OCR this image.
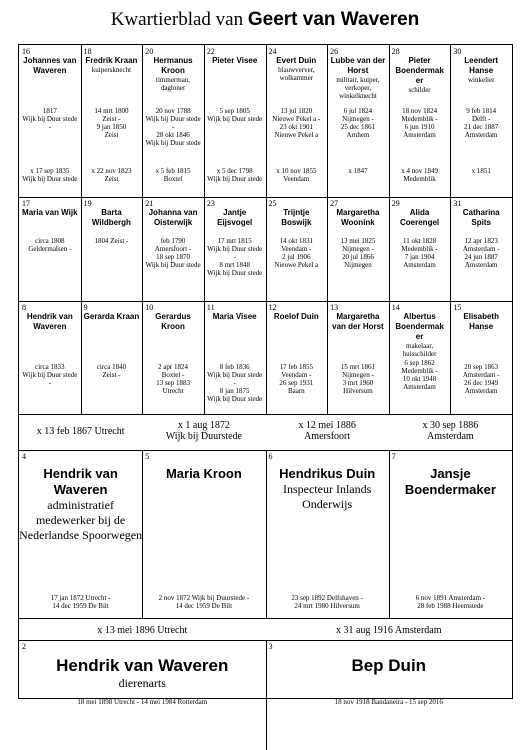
Kwartierblad van Geert van Waveren
16
Johannes van Waveren
1817
Wijk bij Duur stede -
x 17 sep 1835
Wijk bij Duur stede
18
Fredrik Kraan
kuipersknecht
14 mrt 1800
Zeist -
9 jan 1850
Zeist
x 22 nov 1823
Zeist
20
Hermanus Kroon
timmerman, dagloner
20 nov 1788
Wijk bij Duur stede -
28 okt 1846
Wijk bij Duur stede
x 5 feb 1815
Boxtel
22
Pieter Visee
5 sep 1805
Wijk bij Duur stede
x 5 dec 1798
Wijk bij Duur stede
24
Evert Duin
blauwverver, wolkammer
13 jul 1820
Nieuwe Pekel a -
23 okt 1901
Nieuwe Pekel a
x 10 nov 1855
Veendam
26
Lubbe van der Horst
militair, kuiper, verkoper, winkelknecht
6 jul 1824
Nijmegen -
25 dec 1861
Arnhem
x 1847
28
Pieter Boendermak er
schilder
18 nov 1824
Medemblik -
6 jun 1910
Amsterdam
x 4 nov 1849
Medemblik
30
Leendert Hanse
winkelier
9 feb 1814
Delft -
21 dec 1887
Amsterdam
x 1851
17
Maria van Wijk
circa 1808
Geldermalsen -
19
Barta Wildbergh
1804 Zeist -
21
Johanna van Oisterwijk
feb 1790
Amersfoort -
18 sep 1870
Wijk bij Duur stede
23
Jantje Eijsvogel
17 mrt 1815
Wijk bij Duur stede -
8 mrt 1848
Wijk bij Duur stede
25
Trijntje Boswijk
14 okt 1831
Veendam -
2 jul 1906
Nieuwe Pekel a
27
Margaretha Woonink
13 mei 1825
Nijmegen -
20 jul 1866
Nijmegen
29
Alida Coerengel
11 okt 1828
Medemblik -
7 jan 1904
Amsterdam
31
Catharina Spits
12 apr 1823
Amsterdam -
24 jun 1887
Amsterdam
8
Hendrik van Waveren
circa 1833
Wijk bij Duur stede -
9
Gerarda Kraan
circa 1840
Zeist -
10
Gerardus Kroon
2 apr 1824
Boxtel -
13 sep 1883
Utrecht
11
Maria Visee
8 feb 1836
Wijk bij Duur stede -
8 jan 1875
Wijk bij Duur stede
12
Roelof Duin
17 feb 1855
Veendam -
26 sep 1931
Baarn
13
Margaretha van der Horst
15 mrt 1861
Nijmegen -
3 mrt 1960
Hilversum
14
Albertus Boendermak er
makelaar, huisschilder
6 sep 1862
Medemblik -
10 okt 1948
Amsterdam
15
Elisabeth Hanse
20 sep 1863
Amsterdam -
26 dec 1949
Amsterdam
x 13 feb 1867 Utrecht
x 1 aug 1872
Wijk bij Duurstede
x 12 mei 1886
Amersfoort
x 30 sep 1886
Amsterdam
4
Hendrik van Waveren
administratief medewerker bij de Nederlandse Spoorwegen
17 jan 1872 Utrecht -
14 dec 1959 De Bilt
5
Maria Kroon
2 nov 1872 Wijk bij Duurstede -
14 dec 1959 De Bilt
6
Hendrikus Duin
Inspecteur Inlands Onderwijs
23 sep 1892 Delfshaven -
24 mrt 1980 Hilversum
7
Jansje Boendermaker
6 nov 1891 Amsterdam -
28 feb 1988 Heemstede
x 13 mei 1896 Utrecht	x 31 aug 1916 Amsterdam
2
Hendrik van Waveren
dierenarts
18 mei 1898 Utrecht - 14 mei 1984 Rotterdam
3
Bep Duin
18 nov 1918 Bandaneira - 15 sep 2016
